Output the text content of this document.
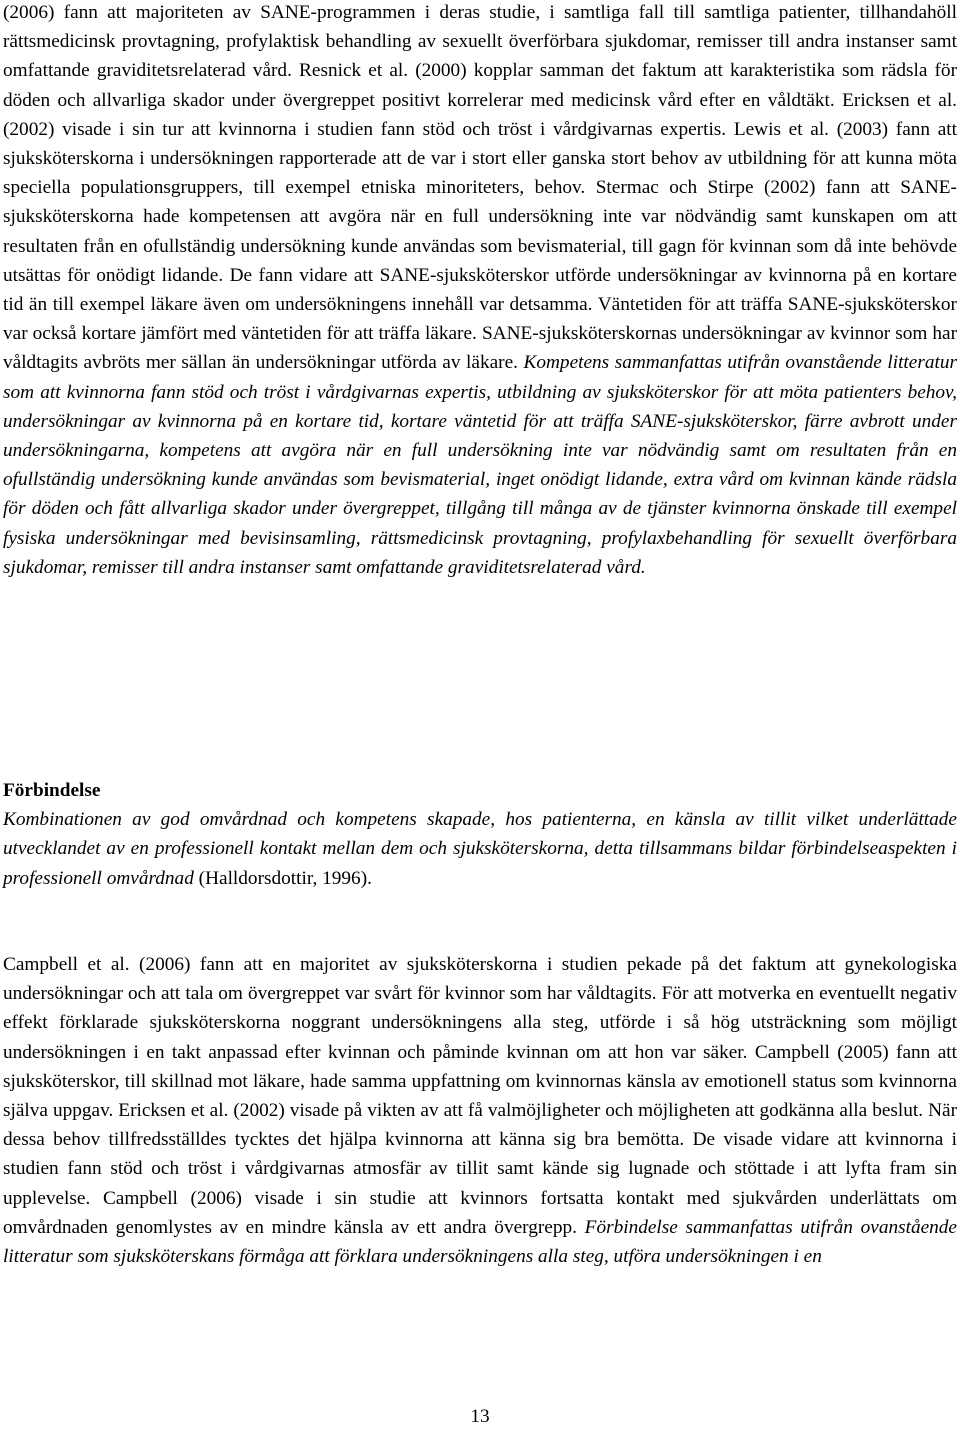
(2006) fann att majoriteten av SANE-programmen i deras studie, i samtliga fall till samtliga patienter, tillhandahöll rättsmedicinsk provtagning, profylaktisk behandling av sexuellt överförbara sjukdomar, remisser till andra instanser samt omfattande graviditetsrelaterad vård. Resnick et al. (2000) kopplar samman det faktum att karakteristika som rädsla för döden och allvarliga skador under övergreppet positivt korrelerar med medicinsk vård efter en våldtäkt. Ericksen et al. (2002) visade i sin tur att kvinnorna i studien fann stöd och tröst i vårdgivarnas expertis. Lewis et al. (2003) fann att sjuksköterskorna i undersökningen rapporterade att de var i stort eller ganska stort behov av utbildning för att kunna möta speciella populationsgruppers, till exempel etniska minoriteters, behov. Stermac och Stirpe (2002) fann att SANE-sjuksköterskorna hade kompetensen att avgöra när en full undersökning inte var nödvändig samt kunskapen om att resultaten från en ofullständig undersökning kunde användas som bevismaterial, till gagn för kvinnan som då inte behövde utsättas för onödigt lidande. De fann vidare att SANE-sjuksköterskor utförde undersökningar av kvinnorna på en kortare tid än till exempel läkare även om undersökningens innehåll var detsamma. Väntetiden för att träffa SANE-sjuksköterskor var också kortare jämfört med väntetiden för att träffa läkare. SANE-sjuksköterskornas undersökningar av kvinnor som har våldtagits avbröts mer sällan än undersökningar utförda av läkare. Kompetens sammanfattas utifrån ovanstående litteratur som att kvinnorna fann stöd och tröst i vårdgivarnas expertis, utbildning av sjuksköterskor för att möta patienters behov, undersökningar av kvinnorna på en kortare tid, kortare väntetid för att träffa SANE-sjuksköterskor, färre avbrott under undersökningarna, kompetens att avgöra när en full undersökning inte var nödvändig samt om resultaten från en ofullständig undersökning kunde användas som bevismaterial, inget onödigt lidande, extra vård om kvinnan kände rädsla för döden och fått allvarliga skador under övergreppet, tillgång till många av de tjänster kvinnorna önskade till exempel fysiska undersökningar med bevisinsamling, rättsmedicinsk provtagning, profylaxbehandling för sexuellt överförbara sjukdomar, remisser till andra instanser samt omfattande graviditetsrelaterad vård.

Förbindelse
Kombinationen av god omvårdnad och kompetens skapade, hos patienterna, en känsla av tillit vilket underlättade utvecklandet av en professionell kontakt mellan dem och sjuksköterskorna, detta tillsammans bildar förbindelseaspekten i professionell omvårdnad (Halldorsdottir, 1996).

Campbell et al. (2006) fann att en majoritet av sjuksköterskorna i studien pekade på det faktum att gynekologiska undersökningar och att tala om övergreppet var svårt för kvinnor som har våldtagits. För att motverka en eventuellt negativ effekt förklarade sjuksköterskorna noggrant undersökningens alla steg, utförde i så hög utsträckning som möjligt undersökningen i en takt anpassad efter kvinnan och påminde kvinnan om att hon var säker. Campbell (2005) fann att sjuksköterskor, till skillnad mot läkare, hade samma uppfattning om kvinnornas känsla av emotionell status som kvinnorna själva uppgav. Ericksen et al. (2002) visade på vikten av att få valmöjligheter och möjligheten att godkänna alla beslut. När dessa behov tillfredsställdes tycktes det hjälpa kvinnorna att känna sig bra bemötta. De visade vidare att kvinnorna i studien fann stöd och tröst i vårdgivarnas atmosfär av tillit samt kände sig lugnade och stöttade i att lyfta fram sin upplevelse. Campbell (2006) visade i sin studie att kvinnors fortsatta kontakt med sjukvården underlättats om omvårdnaden genomlystes av en mindre känsla av ett andra övergrepp. Förbindelse sammanfattas utifrån ovanstående litteratur som sjuksköterskans förmåga att förklara undersökningens alla steg, utföra undersökningen i en

13
